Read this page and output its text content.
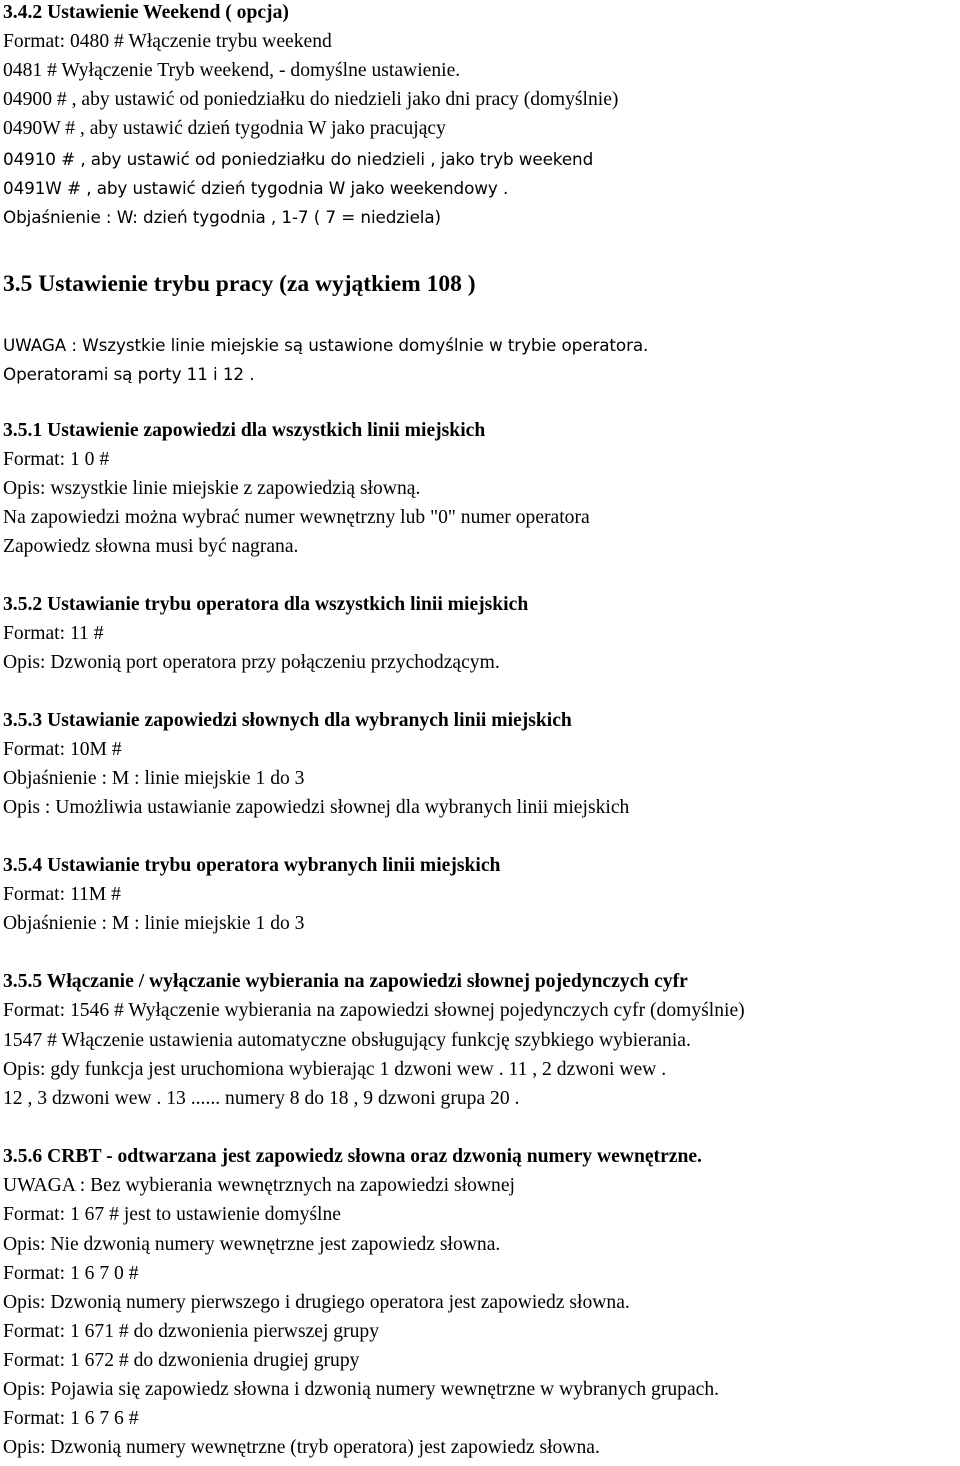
3.4.2 Ustawienie Weekend ( opcja)
Format: 0480 # Włączenie trybu weekend
0481 # Wyłączenie Tryb weekend, - domyślne ustawienie.
04900 # , aby ustawić od poniedziałku do niedzieli jako dni pracy (domyślnie)
0490W # , aby ustawić dzień tygodnia W jako pracujący
04910 # , aby ustawić od poniedziałku do niedzieli , jako tryb weekend
0491W # , aby ustawić dzień tygodnia W jako weekendowy .
Objaśnienie : W: dzień tygodnia , 1-7 ( 7 = niedziela)
3.5 Ustawienie trybu pracy (za wyjątkiem 108 )
UWAGA : Wszystkie linie miejskie są ustawione domyślnie w trybie operatora.
Operatorami są porty 11 i 12 .
3.5.1 Ustawienie zapowiedzi dla wszystkich linii miejskich
Format: 1 0 #
Opis: wszystkie linie miejskie z zapowiedzią słowną.
Na zapowiedzi można wybrać numer wewnętrzny lub "0" numer operatora
Zapowiedz słowna musi być nagrana.
3.5.2 Ustawianie trybu operatora dla wszystkich linii miejskich
Format: 11 #
Opis: Dzwonią port operatora przy połączeniu przychodzącym.
3.5.3 Ustawianie zapowiedzi słownych dla wybranych linii miejskich
Format: 10M #
Objaśnienie : M : linie miejskie 1 do 3
Opis : Umożliwia ustawianie zapowiedzi słownej dla wybranych linii miejskich
3.5.4 Ustawianie trybu operatora wybranych linii miejskich
Format: 11M #
Objaśnienie : M : linie miejskie 1 do 3
3.5.5 Włączanie / wyłączanie wybierania na zapowiedzi słownej pojedynczych cyfr
Format: 1546 # Wyłączenie wybierania na zapowiedzi słownej pojedynczych cyfr (domyślnie)
1547 # Włączenie ustawienia automatyczne obsługujący funkcję szybkiego wybierania.
Opis: gdy funkcja jest uruchomiona wybierając 1 dzwoni wew . 11 , 2 dzwoni wew .
12 , 3 dzwoni wew . 13 ...... numery 8 do 18 , 9 dzwoni grupa 20 .
3.5.6 CRBT - odtwarzana jest zapowiedz słowna oraz dzwonią numery wewnętrzne.
UWAGA : Bez wybierania wewnętrznych na zapowiedzi słownej
Format: 1 67 # jest to ustawienie domyślne
Opis: Nie dzwonią numery wewnętrzne jest zapowiedz słowna.
Format: 1 6 7 0 #
Opis: Dzwonią numery pierwszego i drugiego operatora jest zapowiedz słowna.
Format: 1 671 # do dzwonienia pierwszej grupy
Format: 1 672 # do dzwonienia drugiej grupy
Opis: Pojawia się zapowiedz słowna i dzwonią numery wewnętrzne w wybranych grupach.
Format: 1 6 7 6 #
Opis: Dzwonią numery wewnętrzne (tryb operatora) jest zapowiedz słowna.
